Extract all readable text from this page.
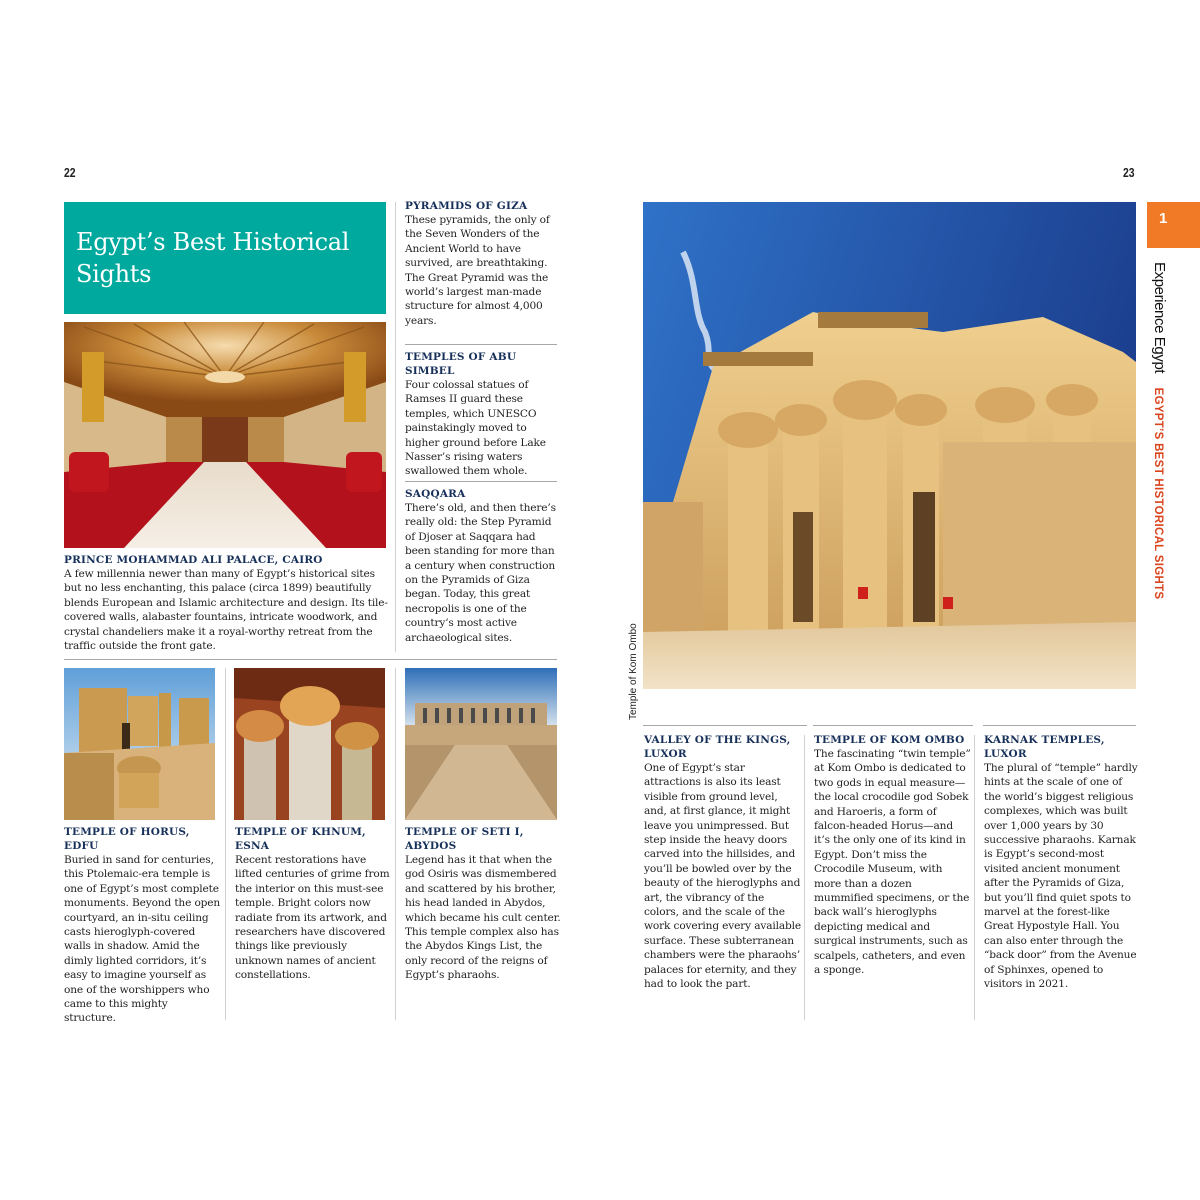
22
Egypt’s Best Historical Sights
PRINCE MOHAMMAD ALI PALACE, CAIRO

A few millennia newer than many of Egypt’s historical sites but no less enchanting, this palace (circa 1899) beautifully blends European and Islamic architecture and design. Its tile-covered walls, alabaster fountains, intricate woodwork, and crystal chandeliers make it a royal-worthy retreat from the traffic outside the front gate.

PYRAMIDS OF GIZA

These pyramids, the only of the Seven Wonders of the Ancient World to have survived, are breathtaking. The Great Pyramid was the world’s largest man-made structure for almost 4,000 years.

TEMPLES OF ABU SIMBEL

Four colossal statues of Ramses II guard these temples, which UNESCO painstakingly moved to higher ground before Lake Nasser’s rising waters swallowed them whole.

SAQQARA

There’s old, and then there’s really old: the Step Pyramid of Djoser at Saqqara had been standing for more than a century when construction on the Pyramids of Giza began. Today, this great necropolis is one of the country’s most active archaeological sites.

TEMPLE OF HORUS, EDFU

Buried in sand for centuries, this Ptolemaic-era temple is one of Egypt’s most complete monuments. Beyond the open courtyard, an in-situ ceiling casts hieroglyph-covered walls in shadow. Amid the dimly lighted corridors, it’s easy to imagine yourself as one of the worshippers who came to this mighty structure.

TEMPLE OF KHNUM, ESNA

Recent restorations have lifted centuries of grime from the interior on this must-see temple. Bright colors now radiate from its artwork, and researchers have discovered things like previously unknown names of ancient constellations.

TEMPLE OF SETI I, ABYDOS

Legend has it that when the god Osiris was dismembered and scattered by his brother, his head landed in Abydos, which became his cult center. This temple complex also has the Abydos Kings List, the only record of the reigns of Egypt’s pharaohs.

23
Temple of Kom Ombo
1
Experience Egypt EGYPT’S BEST HISTORICAL SIGHTS
VALLEY OF THE KINGS, LUXOR

One of Egypt’s star attractions is also its least visible from ground level, and, at first glance, it might leave you unimpressed. But step inside the heavy doors carved into the hillsides, and you’ll be bowled over by the beauty of the hieroglyphs and art, the vibrancy of the colors, and the scale of the work covering every available surface. These subterranean chambers were the pharaohs’ palaces for eternity, and they had to look the part.

TEMPLE OF KOM OMBO

The fascinating “twin temple” at Kom Ombo is dedicated to two gods in equal measure—the local crocodile god Sobek and Haroeris, a form of falcon-headed Horus—and it’s the only one of its kind in Egypt. Don’t miss the Crocodile Museum, with more than a dozen mummified specimens, or the back wall’s hieroglyphs depicting medical and surgical instruments, such as scalpels, catheters, and even a sponge.

KARNAK TEMPLES, LUXOR

The plural of “temple” hardly hints at the scale of one of the world’s biggest religious complexes, which was built over 1,000 years by 30 successive pharaohs. Karnak is Egypt’s second-most visited ancient monument after the Pyramids of Giza, but you’ll find quiet spots to marvel at the forest-like Great Hypostyle Hall. You can also enter through the “back door” from the Avenue of Sphinxes, opened to visitors in 2021.
